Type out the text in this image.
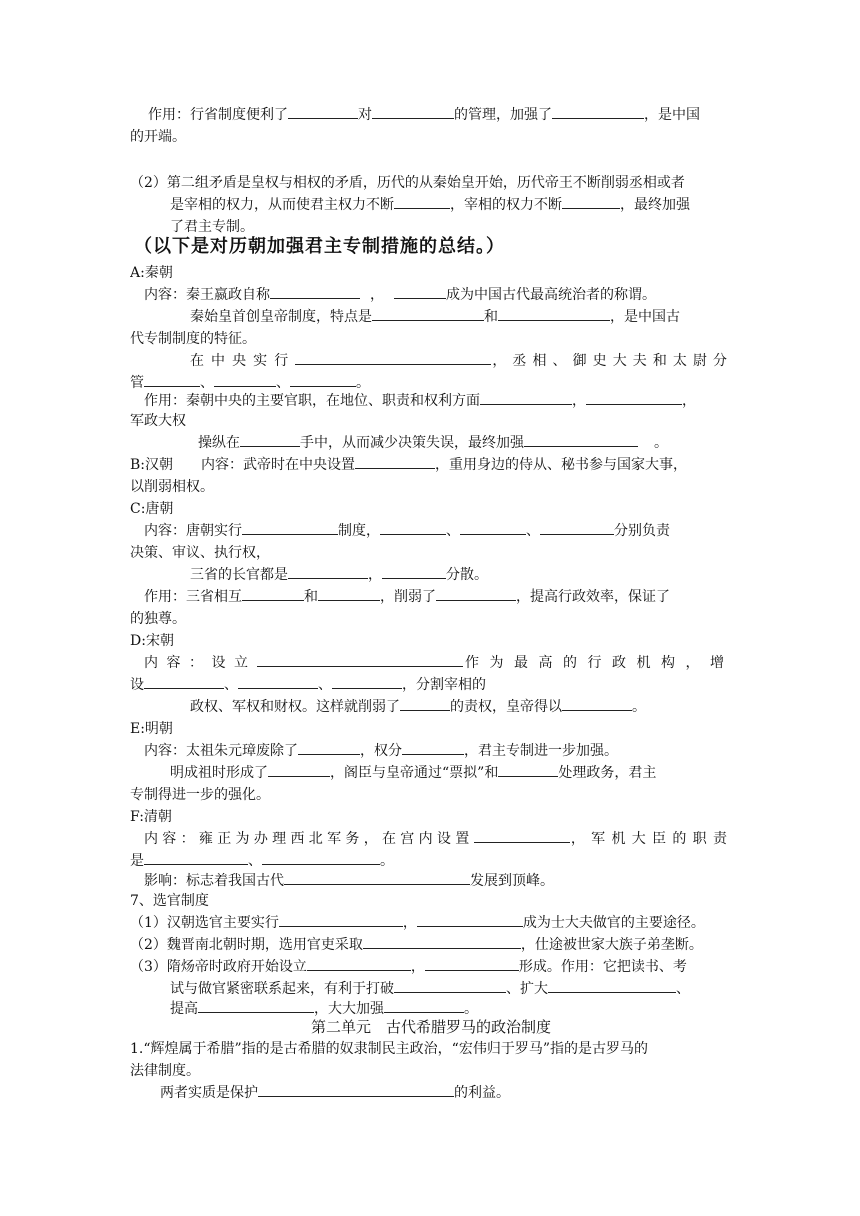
作用：行省制度便利了	对	的管理，加强了	，是中国
的开端。
（2）第二组矛盾是皇权与相权的矛盾，历代的从秦始皇开始，历代帝王不断削弱丞相或者
是宰相的权力，从而使君主权力不断	，宰相的权力不断	，最终加强
了君主专制。
（以下是对历朝加强君主专制措施的总结。）
A:秦朝
内容：秦王嬴政自称	，	成为中国古代最高统治者的称谓。
秦始皇首创皇帝制度，特点是	和	，是中国古
代专制制度的特征。
在中央实行	，丞相、御史大夫和太尉分
管	、	、	。
作用：秦朝中央的主要官职，在地位、职责和权利方面	，	，
军政大权
操纵在	手中，从而减少决策失误，最终加强	。
B:汉朝　　内容：武帝时在中央设置	，重用身边的侍从、秘书参与国家大事，
以削弱相权。
C:唐朝
内容：唐朝实行	制度，	、	、	分别负责
决策、审议、执行权，
三省的长官都是	，	分散。
作用：三省相互	和	，削弱了	，提高行政效率，保证了
的独尊。
D:宋朝
内容：设立	作为最高的行政机构，增
设	、	、	，分割宰相的
政权、军权和财权。这样就削弱了	的责权，皇帝得以	。
E:明朝
内容：太祖朱元璋废除了	，权分	，君主专制进一步加强。
明成祖时形成了	，阁臣与皇帝通过“票拟”和	处理政务，君主
专制得进一步的强化。
F:清朝
内容：雍正为办理西北军务，在宫内设置	，军机大臣的职责
是	、	。
影响：标志着我国古代	发展到顶峰。
7、选官制度
（1）汉朝选官主要实行	，	成为士大夫做官的主要途径。
（2）魏晋南北朝时期，选用官吏采取	，仕途被世家大族子弟垄断。
（3）隋炀帝时政府开始设立	，	形成。作用：它把读书、考
试与做官紧密联系起来，有利于打破	、扩大	、
提高	，大大加强	。
第二单元　古代希腊罗马的政治制度
1.“辉煌属于希腊”指的是古希腊的奴隶制民主政治，“宏伟归于罗马”指的是古罗马的
法律制度。
两者实质是保护	的利益。
